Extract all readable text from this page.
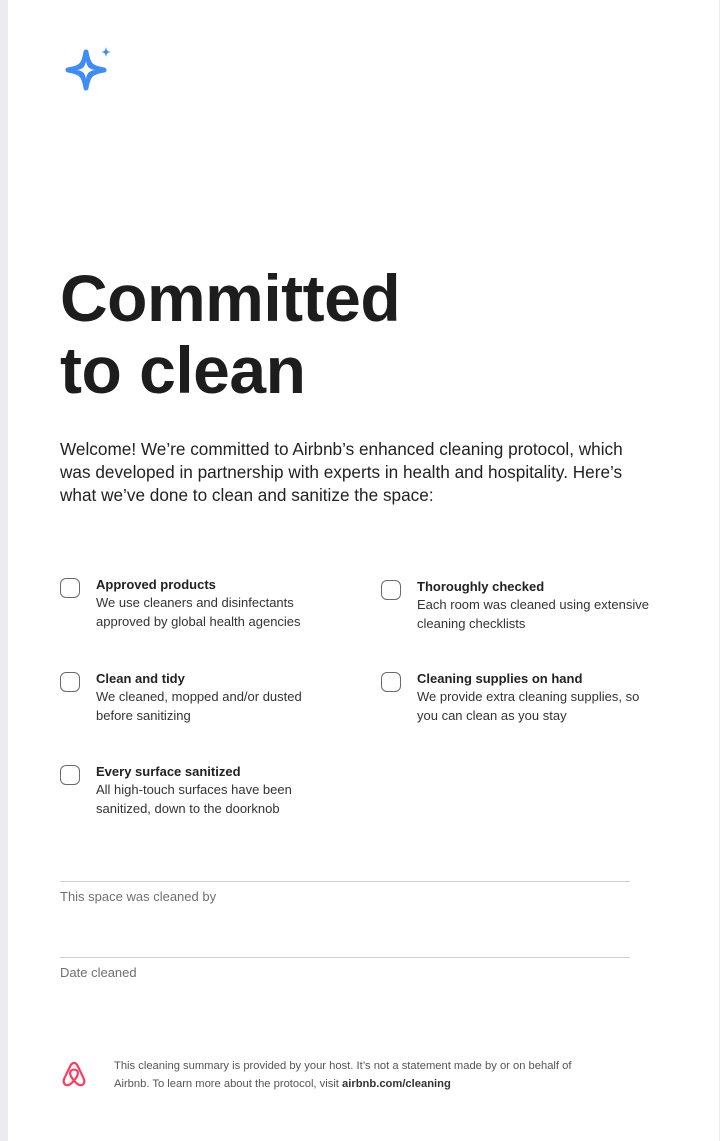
Committed
to clean

Welcome! We’re committed to Airbnb’s enhanced cleaning protocol, which was developed in partnership with experts in health and hospitality. Here’s what we’ve done to clean and sanitize the space:

Approved products
We use cleaners and disinfectants approved by global health agencies
Thoroughly checked
Each room was cleaned using extensive cleaning checklists
Clean and tidy
We cleaned, mopped and/or dusted before sanitizing
Cleaning supplies on hand
We provide extra cleaning supplies, so you can clean as you stay
Every surface sanitized
All high-touch surfaces have been sanitized, down to the doorknob
This space was cleaned by
Date cleaned

This cleaning summary is provided by your host. It’s not a statement made by or on behalf of Airbnb. To learn more about the protocol, visit airbnb.com/cleaning
